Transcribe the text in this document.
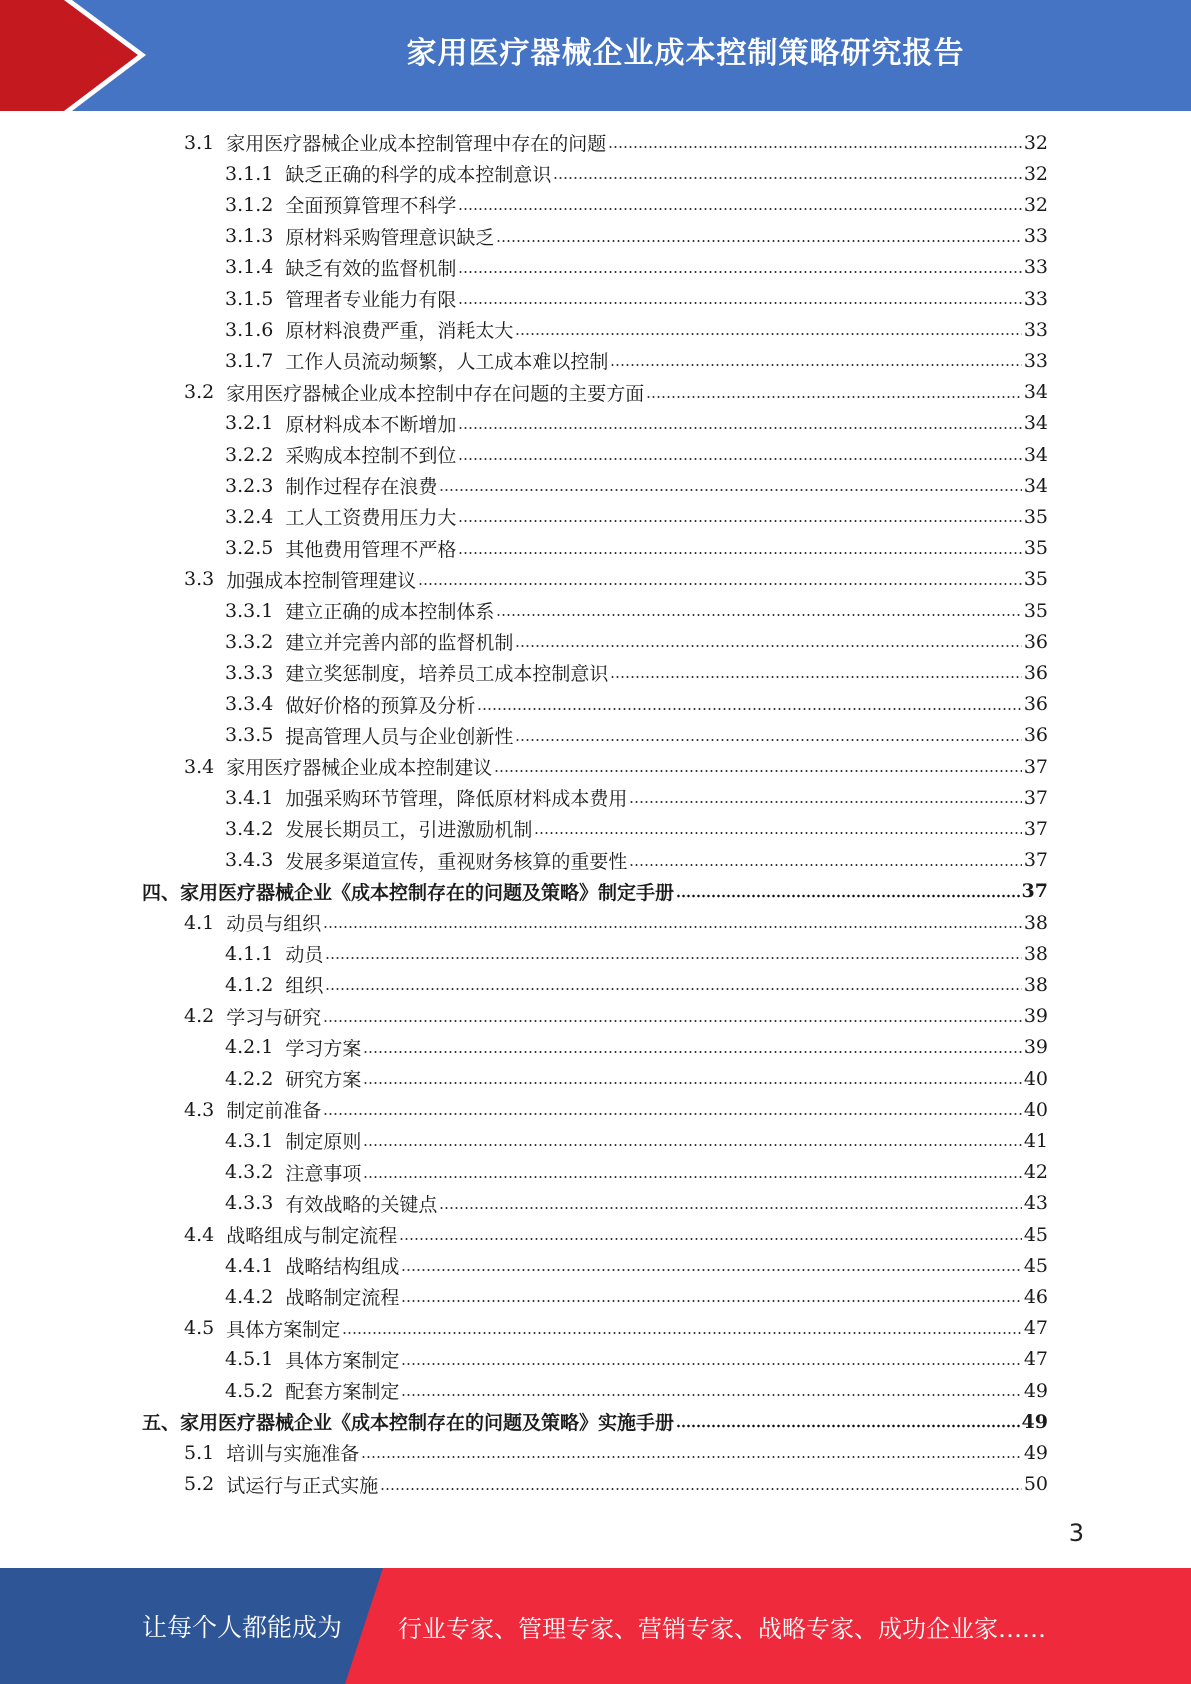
家用医疗器械企业成本控制策略研究报告
3.1 家用医疗器械企业成本控制管理中存在的问题	32
3.1.1 缺乏正确的科学的成本控制意识	32
3.1.2 全面预算管理不科学	32
3.1.3 原材料采购管理意识缺乏	33
3.1.4 缺乏有效的监督机制	33
3.1.5 管理者专业能力有限	33
3.1.6 原材料浪费严重，消耗太大	33
3.1.7 工作人员流动频繁，人工成本难以控制	33
3.2 家用医疗器械企业成本控制中存在问题的主要方面	34
3.2.1 原材料成本不断增加	34
3.2.2 采购成本控制不到位	34
3.2.3 制作过程存在浪费	34
3.2.4 工人工资费用压力大	35
3.2.5 其他费用管理不严格	35
3.3 加强成本控制管理建议	35
3.3.1 建立正确的成本控制体系	35
3.3.2 建立并完善内部的监督机制	36
3.3.3 建立奖惩制度，培养员工成本控制意识	36
3.3.4 做好价格的预算及分析	36
3.3.5 提高管理人员与企业创新性	36
3.4 家用医疗器械企业成本控制建议	37
3.4.1 加强采购环节管理，降低原材料成本费用	37
3.4.2 发展长期员工，引进激励机制	37
3.4.3 发展多渠道宣传，重视财务核算的重要性	37
四、家用医疗器械企业《成本控制存在的问题及策略》制定手册	37
4.1 动员与组织	38
4.1.1 动员	38
4.1.2 组织	38
4.2 学习与研究	39
4.2.1 学习方案	39
4.2.2 研究方案	40
4.3 制定前准备	40
4.3.1 制定原则	41
4.3.2 注意事项	42
4.3.3 有效战略的关键点	43
4.4 战略组成与制定流程	45
4.4.1 战略结构组成	45
4.4.2 战略制定流程	46
4.5 具体方案制定	47
4.5.1 具体方案制定	47
4.5.2 配套方案制定	49
五、家用医疗器械企业《成本控制存在的问题及策略》实施手册	49
5.1 培训与实施准备	49
5.2 试运行与正式实施	50
3
让每个人都能成为 行业专家、管理专家、营销专家、战略专家、成功企业家……
